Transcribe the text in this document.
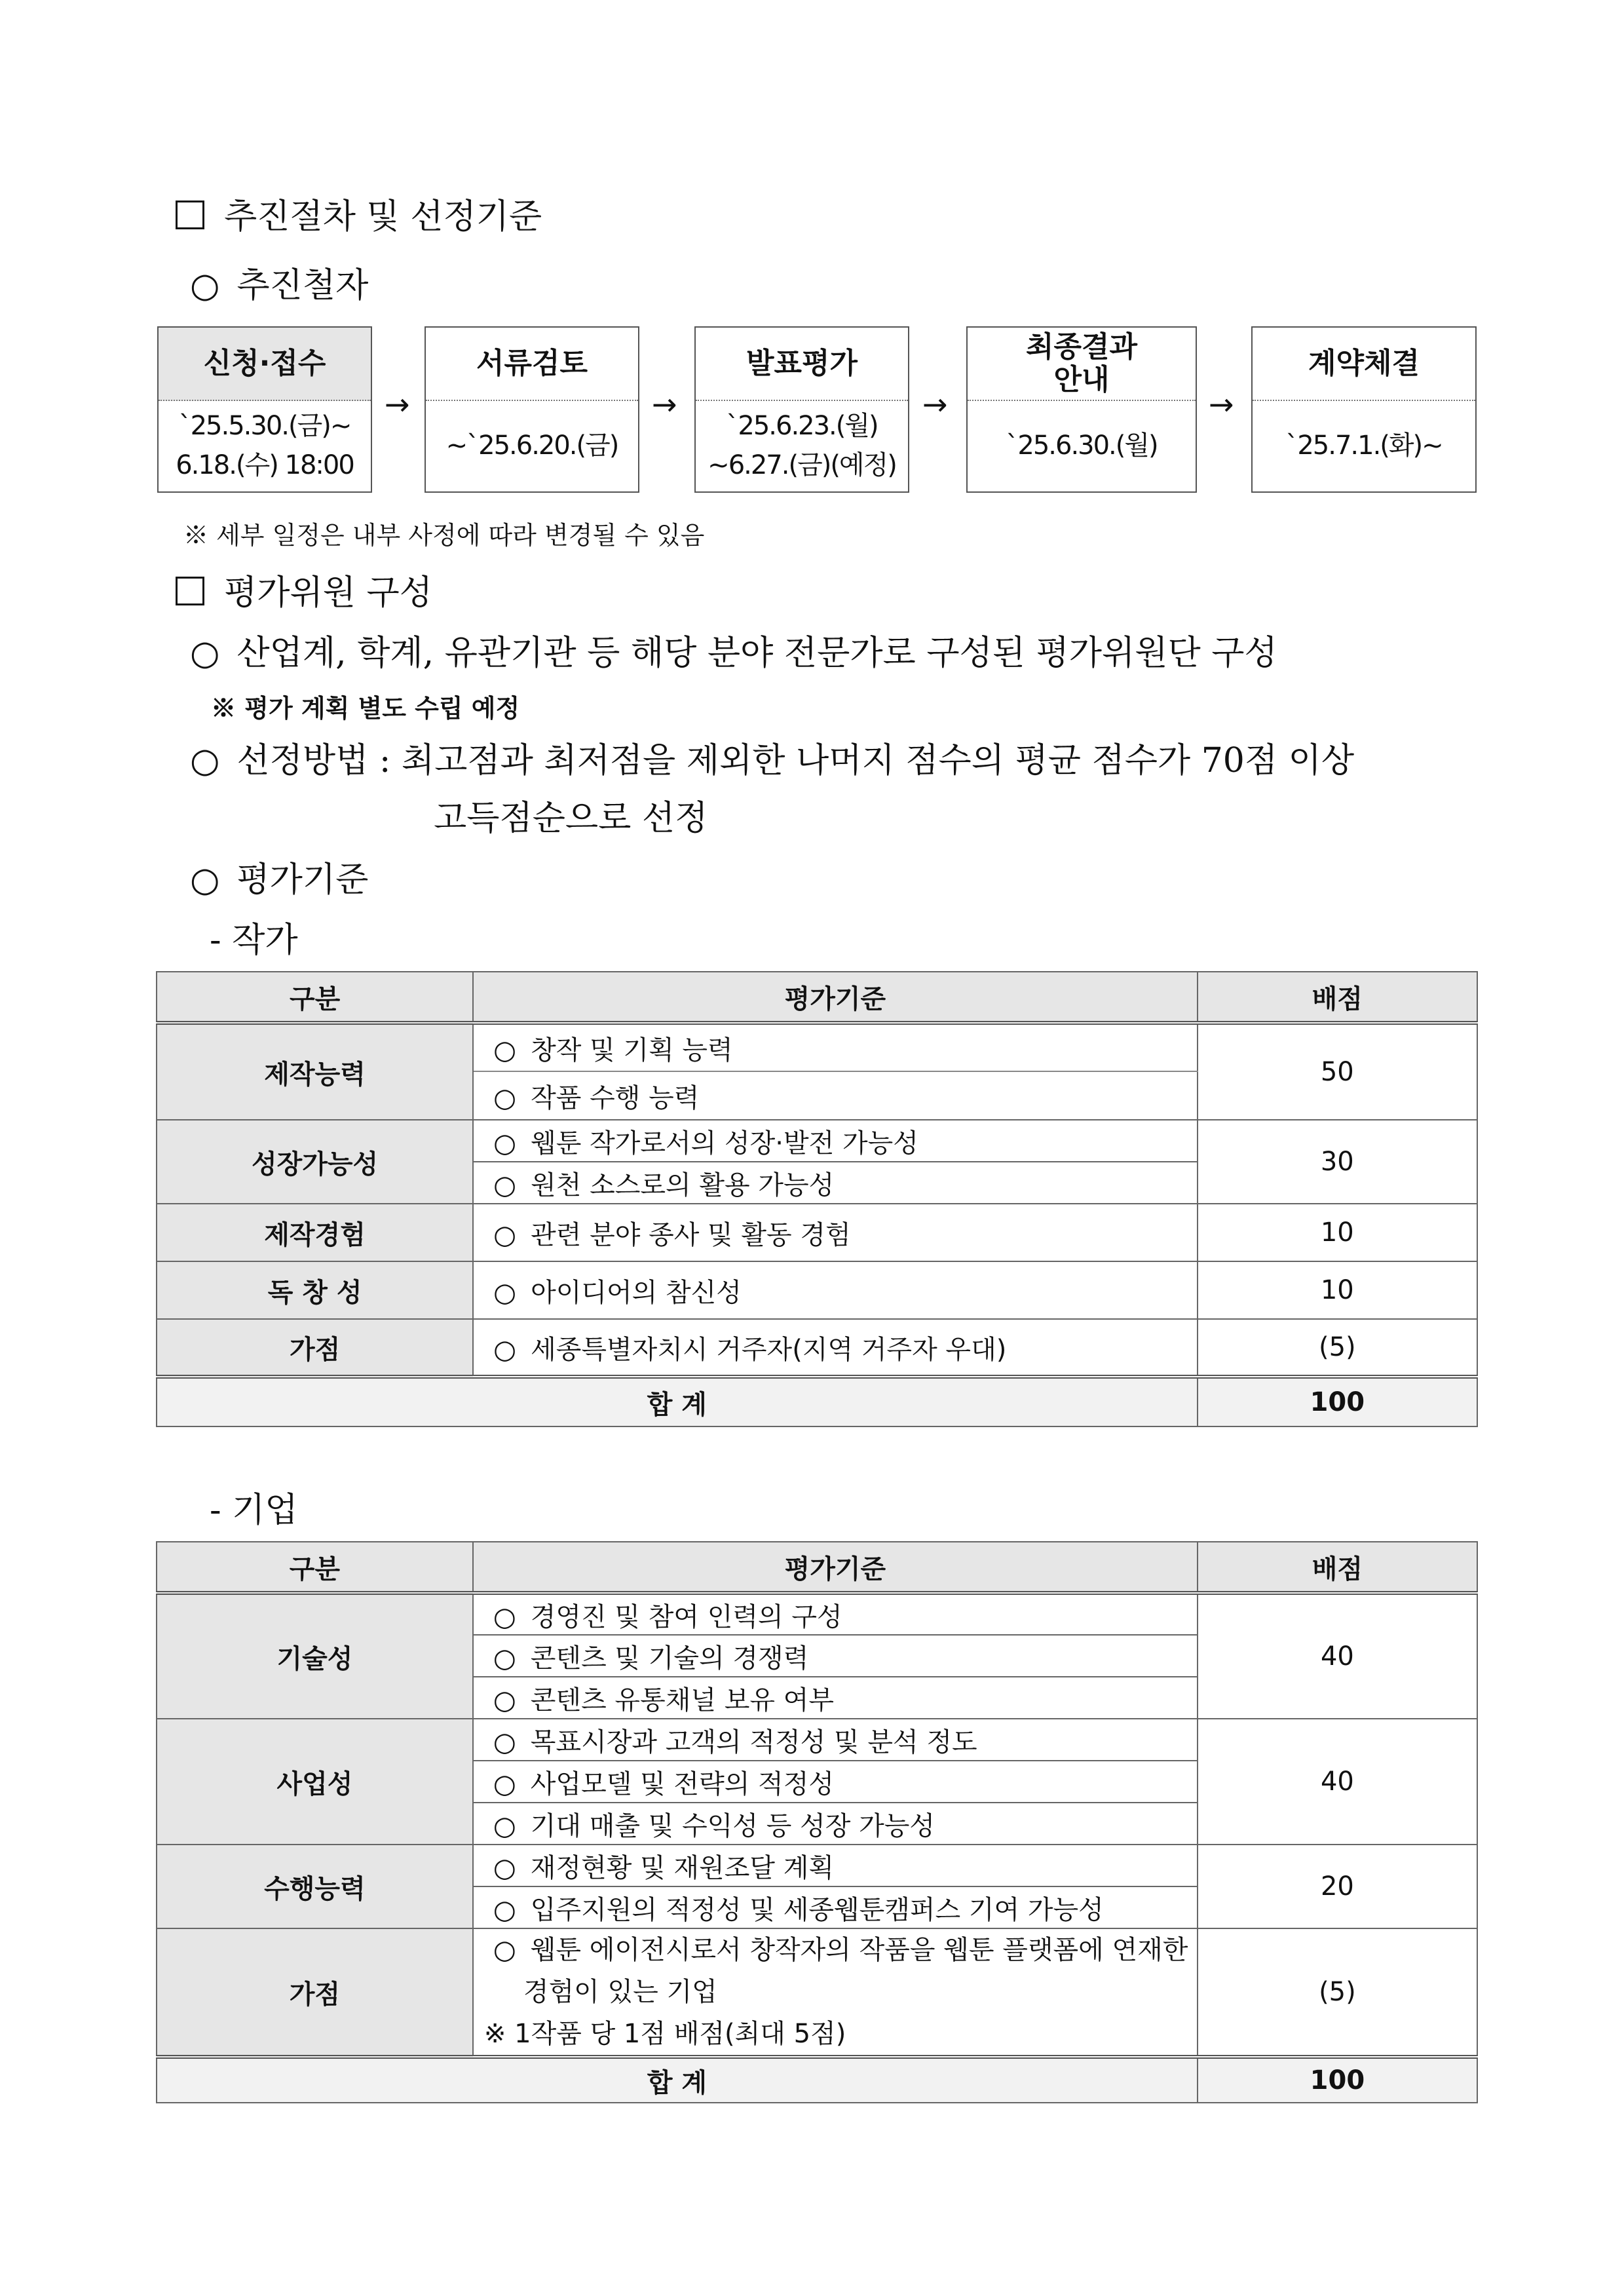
추진절차 및 선정기준
○ 추진철자
신청·접수
`25.5.30.(금)~
6.18.(수) 18:00
→
서류검토
~`25.6.20.(금)
→
발표평가
`25.6.23.(월)
~6.27.(금)(예정)
→
최종결과
안내
`25.6.30.(월)
→
계약체결
`25.7.1.(화)~
※ 세부 일정은 내부 사정에 따라 변경될 수 있음
평가위원 구성
○ 산업계, 학계, 유관기관 등 해당 분야 전문가로 구성된 평가위원단 구성
※ 평가 계획 별도 수립 예정
○ 선정방법 : 최고점과 최저점을 제외한 나머지 점수의 평균 점수가 70점 이상
고득점순으로 선정
○ 평가기준
- 작가
구분	평가기준	배점
제작능력	○ 창작 및 기획 능력	50
	○ 작품 수행 능력	
성장가능성	○ 웹툰 작가로서의 성장·발전 가능성	30
	○ 원천 소스로의 활용 가능성	
제작경험	○ 관련 분야 종사 및 활동 경험	10
독 창 성	○ 아이디어의 참신성	10
가점	○ 세종특별자치시 거주자(지역 거주자 우대)	(5)
합 계		100
- 기업
구분	평가기준	배점
기술성	○ 경영진 및 참여 인력의 구성	40
	○ 콘텐츠 및 기술의 경쟁력	
	○ 콘텐츠 유통채널 보유 여부	
사업성	○ 목표시장과 고객의 적정성 및 분석 정도	40
	○ 사업모델 및 전략의 적정성	
	○ 기대 매출 및 수익성 등 성장 가능성	
수행능력	○ 재정현황 및 재원조달 계획	20
	○ 입주지원의 적정성 및 세종웹툰캠퍼스 기여 가능성	
가점	○ 웹툰 에이전시로서 창작자의 작품을 웹툰 플랫폼에 연재한
경험이 있는 기업
※ 1작품 당 1점 배점(최대 5점)	(5)
합 계		100
